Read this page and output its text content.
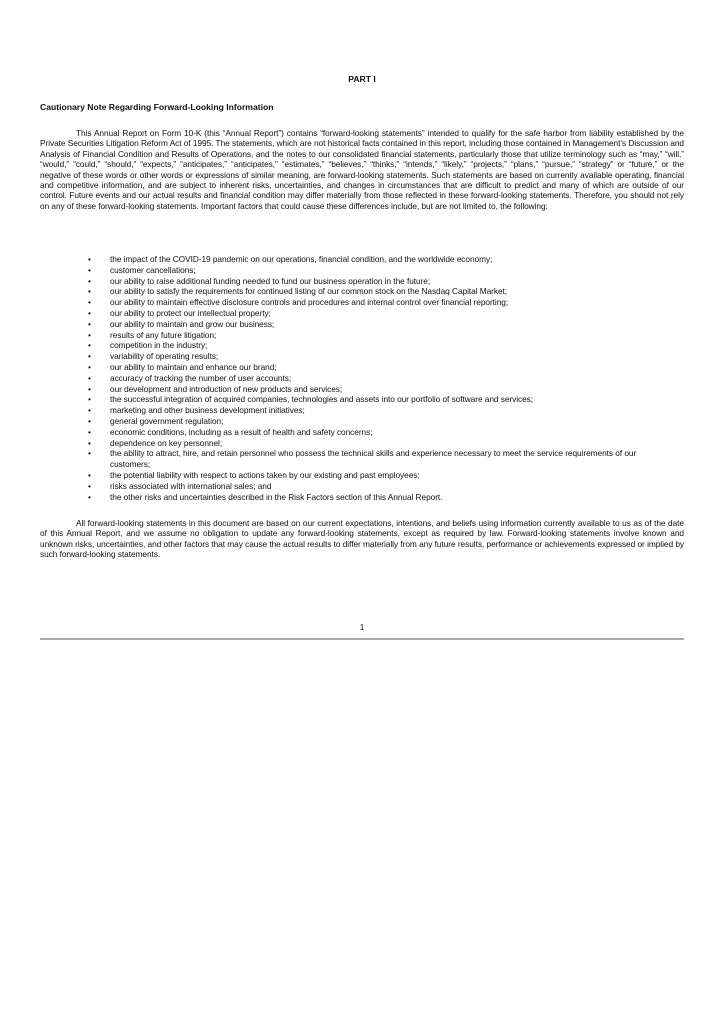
PART I
Cautionary Note Regarding Forward-Looking Information
This Annual Report on Form 10-K (this “Annual Report”) contains “forward-looking statements” intended to qualify for the safe harbor from liability established by the Private Securities Litigation Reform Act of 1995. The statements, which are not historical facts contained in this report, including those contained in Management’s Discussion and Analysis of Financial Condition and Results of Operations, and the notes to our consolidated financial statements, particularly those that utilize terminology such as “may,” “will,” “would,” “could,” “should,” “expects,” “anticipates,” “anticipates,” “estimates,” “believes,” “thinks,” “intends,” “likely,” “projects,” “plans,” “pursue,” “strategy” or “future,” or the negative of these words or other words or expressions of similar meaning, are forward-looking statements. Such statements are based on currently available operating, financial and competitive information, and are subject to inherent risks, uncertainties, and changes in circumstances that are difficult to predict and many of which are outside of our control. Future events and our actual results and financial condition may differ materially from those reflected in these forward-looking statements. Therefore, you should not rely on any of these forward-looking statements. Important factors that could cause these differences include, but are not limited to, the following:
•	the impact of the COVID-19 pandemic on our operations, financial condition, and the worldwide economy;
•	customer cancellations;
•	our ability to raise additional funding needed to fund our business operation in the future;
•	our ability to satisfy the requirements for continued listing of our common stock on the Nasdaq Capital Market;
•	our ability to maintain effective disclosure controls and procedures and internal control over financial reporting;
•	our ability to protect our intellectual property;
•	our ability to maintain and grow our business;
•	results of any future litigation;
•	competition in the industry;
•	variability of operating results;
•	our ability to maintain and enhance our brand;
•	accuracy of tracking the number of user accounts;
•	our development and introduction of new products and services;
•	the successful integration of acquired companies, technologies and assets into our portfolio of software and services;
•	marketing and other business development initiatives;
•	general government regulation;
•	economic conditions, including as a result of health and safety concerns;
•	dependence on key personnel;
•	the ability to attract, hire, and retain personnel who possess the technical skills and experience necessary to meet the service requirements of our customers;
•	the potential liability with respect to actions taken by our existing and past employees;
•	risks associated with international sales; and
•	the other risks and uncertainties described in the Risk Factors section of this Annual Report.
All forward-looking statements in this document are based on our current expectations, intentions, and beliefs using information currently available to us as of the date of this Annual Report, and we assume no obligation to update any forward-looking statements, except as required by law. Forward-looking statements involve known and unknown risks, uncertainties, and other factors that may cause the actual results to differ materially from any future results, performance or achievements expressed or implied by such forward-looking statements.
1
